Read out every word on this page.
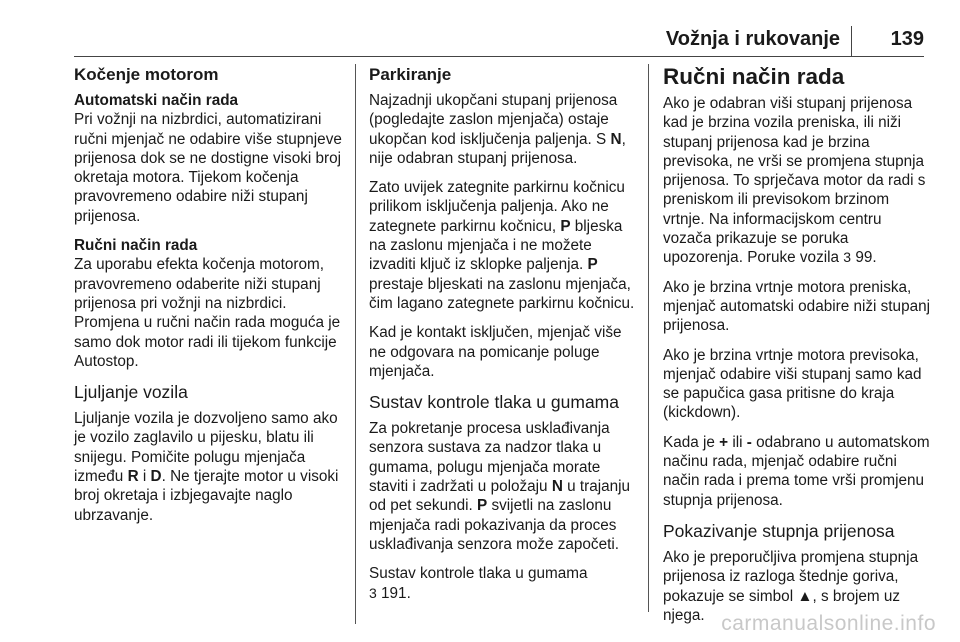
Vožnja i rukovanje	139
Kočenje motorom
Automatski način rada

Pri vožnji na nizbrdici, automatizirani ručni mjenjač ne odabire više stupnjeve prijenosa dok se ne dostigne visoki broj okretaja motora. Tijekom kočenja pravovremeno odabire niži stupanj prijenosa.

Ručni način rada

Za uporabu efekta kočenja motorom, pravovremeno odaberite niži stupanj prijenosa pri vožnji na nizbrdici. Promjena u ručni način rada moguća je samo dok motor radi ili tijekom funkcije Autostop.

Ljuljanje vozila

Ljuljanje vozila je dozvoljeno samo ako je vozilo zaglavilo u pijesku, blatu ili snijegu. Pomičite polugu mjenjača između R i D. Ne tjerajte motor u visoki broj okretaja i izbjegavajte naglo ubrzavanje.

Parkiranje

Najzadnji ukopčani stupanj prijenosa (pogledajte zaslon mjenjača) ostaje ukopčan kod isključenja paljenja. S N, nije odabran stupanj prijenosa.

Zato uvijek zategnite parkirnu kočnicu prilikom isključenja paljenja. Ako ne zategnete parkirnu kočnicu, P bljeska na zaslonu mjenjača i ne možete izvaditi ključ iz sklopke paljenja. P prestaje bljeskati na zaslonu mjenjača, čim lagano zategnete parkirnu kočnicu.

Kad je kontakt isključen, mjenjač više ne odgovara na pomicanje poluge mjenjača.

Sustav kontrole tlaka u gumama

Za pokretanje procesa usklađivanja senzora sustava za nadzor tlaka u gumama, polugu mjenjača morate staviti i zadržati u položaju N u trajanju od pet sekundi. P svijetli na zaslonu mjenjača radi pokazivanja da proces usklađivanja senzora može započeti.

Sustav kontrole tlaka u gumama
3 191.

Ručni način rada

Ako je odabran viši stupanj prijenosa kad je brzina vozila preniska, ili niži stupanj prijenosa kad je brzina previsoka, ne vrši se promjena stupnja prijenosa. To sprječava motor da radi s preniskom ili previsokom brzinom vrtnje. Na informacijskom centru vozača prikazuje se poruka upozorenja. Poruke vozila 3 99.

Ako je brzina vrtnje motora preniska, mjenjač automatski odabire niži stupanj prijenosa.

Ako je brzina vrtnje motora previsoka, mjenjač odabire viši stupanj samo kad se papučica gasa pritisne do kraja (kickdown).

Kada je + ili - odabrano u automatskom načinu rada, mjenjač odabire ručni način rada i prema tome vrši promjenu stupnja prijenosa.

Pokazivanje stupnja prijenosa

Ako je preporučljiva promjena stupnja prijenosa iz razloga štednje goriva, pokazuje se simbol ▲, s brojem uz njega. carmanualsonline.info
